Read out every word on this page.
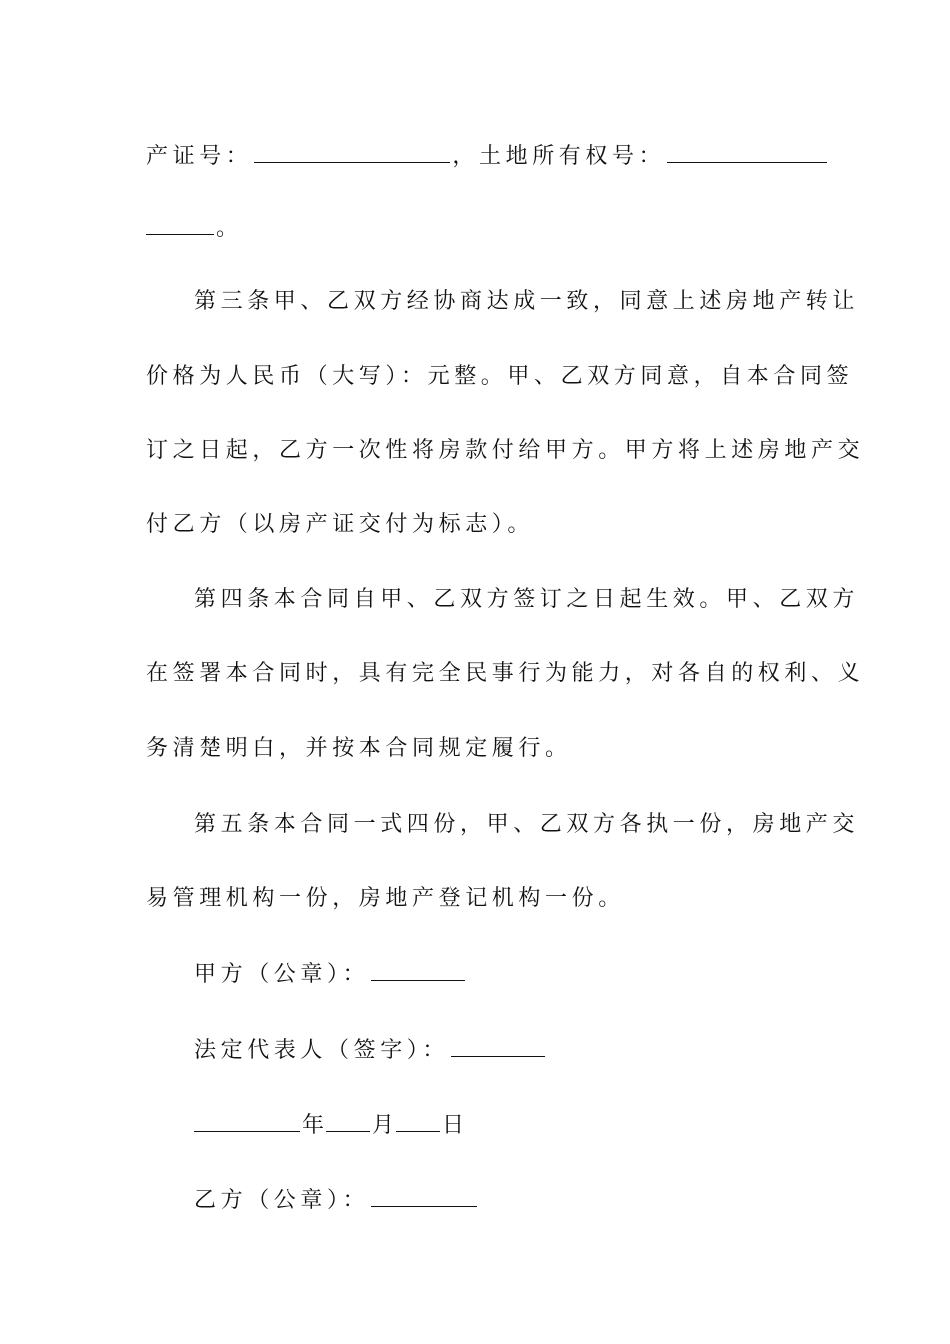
产证号：	，土地所有权号：
。
第三条甲、乙双方经协商达成一致，同意上述房地产转让
价格为人民币（大写）：元整。甲、乙双方同意，自本合同签
订之日起，乙方一次性将房款付给甲方。甲方将上述房地产交
付乙方（以房产证交付为标志）。
第四条本合同自甲、乙双方签订之日起生效。甲、乙双方
在签署本合同时，具有完全民事行为能力，对各自的权利、义
务清楚明白，并按本合同规定履行。
第五条本合同一式四份，甲、乙双方各执一份，房地产交
易管理机构一份，房地产登记机构一份。
甲方（公章）：
法定代表人（签字）：
年 月 日
乙方（公章）：
